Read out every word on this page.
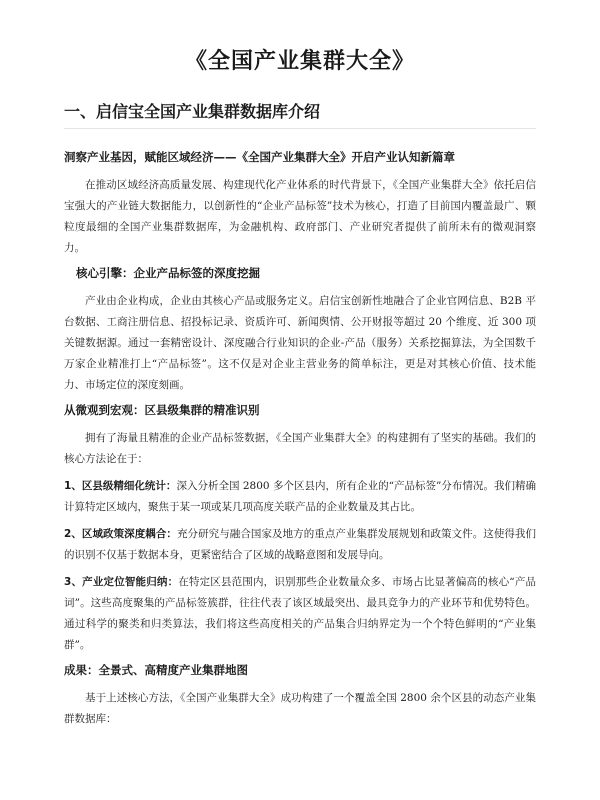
《全国产业集群大全》
一、启信宝全国产业集群数据库介绍
洞察产业基因，赋能区域经济——《全国产业集群大全》开启产业认知新篇章

在推动区域经济高质量发展、构建现代化产业体系的时代背景下，《全国产业集群大全》依托启信宝强大的产业链大数据能力，以创新性的“企业产品标签”技术为核心，打造了目前国内覆盖最广、颗粒度最细的全国产业集群数据库，为金融机构、政府部门、产业研究者提供了前所未有的微观洞察力。

核心引擎：企业产品标签的深度挖掘

产业由企业构成，企业由其核心产品或服务定义。启信宝创新性地融合了企业官网信息、B2B 平台数据、工商注册信息、招投标记录、资质许可、新闻舆情、公开财报等超过 20 个维度、近 300 项关键数据源。通过一套精密设计、深度融合行业知识的企业-产品（服务）关系挖掘算法，为全国数千万家企业精准打上“产品标签”。这不仅是对企业主营业务的简单标注，更是对其核心价值、技术能力、市场定位的深度刻画。

从微观到宏观：区县级集群的精准识别

拥有了海量且精准的企业产品标签数据，《全国产业集群大全》的构建拥有了坚实的基础。我们的核心方法论在于：

1、区县级精细化统计：深入分析全国 2800 多个区县内，所有企业的“产品标签”分布情况。我们精确计算特定区域内，聚焦于某一项或某几项高度关联产品的企业数量及其占比。

2、区域政策深度耦合：充分研究与融合国家及地方的重点产业集群发展规划和政策文件。这使得我们的识别不仅基于数据本身，更紧密结合了区域的战略意图和发展导向。

3、产业定位智能归纳：在特定区县范围内，识别那些企业数量众多、市场占比显著偏高的核心“产品词”。这些高度聚集的产品标签簇群，往往代表了该区域最突出、最具竞争力的产业环节和优势特色。通过科学的聚类和归类算法，我们将这些高度相关的产品集合归纳界定为一个个特色鲜明的“产业集群”。

成果：全景式、高精度产业集群地图

基于上述核心方法，《全国产业集群大全》成功构建了一个覆盖全国 2800 余个区县的动态产业集群数据库：
